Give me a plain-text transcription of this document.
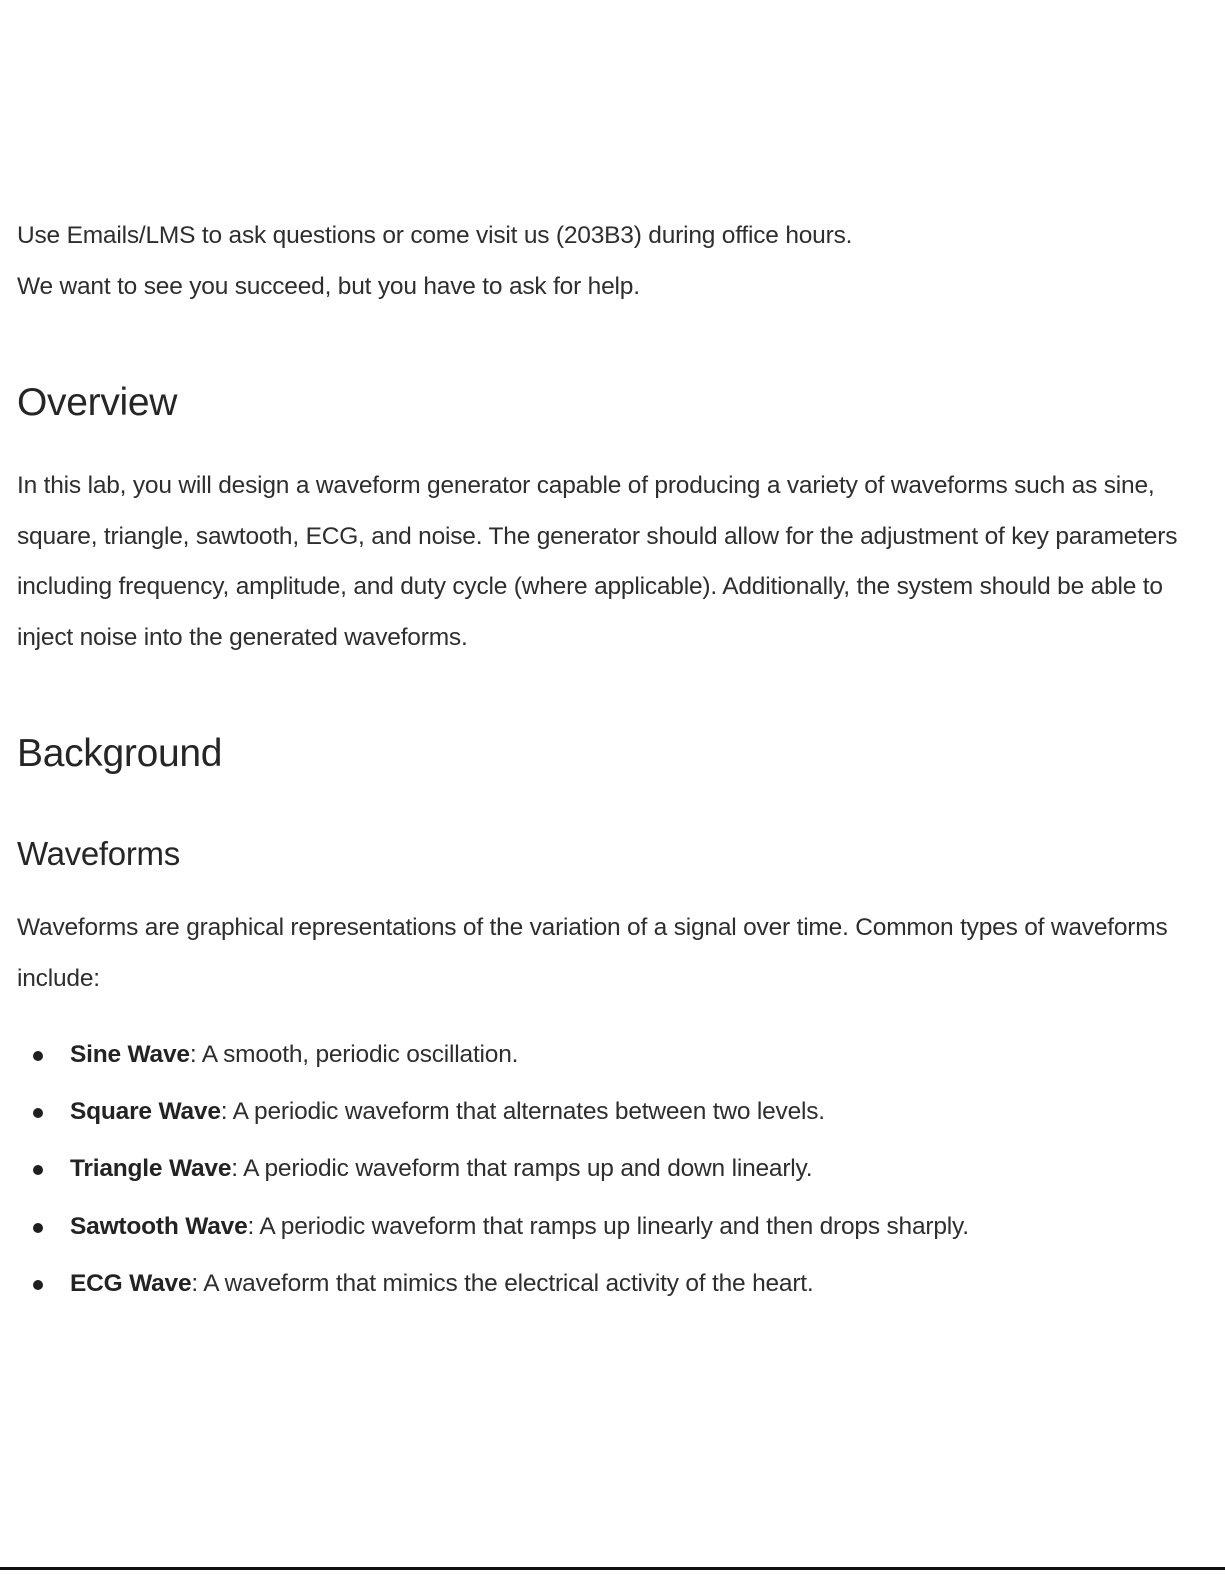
Use Emails/LMS to ask questions or come visit us (203B3) during office hours.
We want to see you succeed, but you have to ask for help.

Overview

In this lab, you will design a waveform generator capable of producing a variety of waveforms such as sine, square, triangle, sawtooth, ECG, and noise. The generator should allow for the adjustment of key parameters including frequency, amplitude, and duty cycle (where applicable). Additionally, the system should be able to inject noise into the generated waveforms.

Background
Waveforms

Waveforms are graphical representations of the variation of a signal over time. Common types of waveforms include:

Sine Wave: A smooth, periodic oscillation.
Square Wave: A periodic waveform that alternates between two levels.
Triangle Wave: A periodic waveform that ramps up and down linearly.
Sawtooth Wave: A periodic waveform that ramps up linearly and then drops sharply.
ECG Wave: A waveform that mimics the electrical activity of the heart.
